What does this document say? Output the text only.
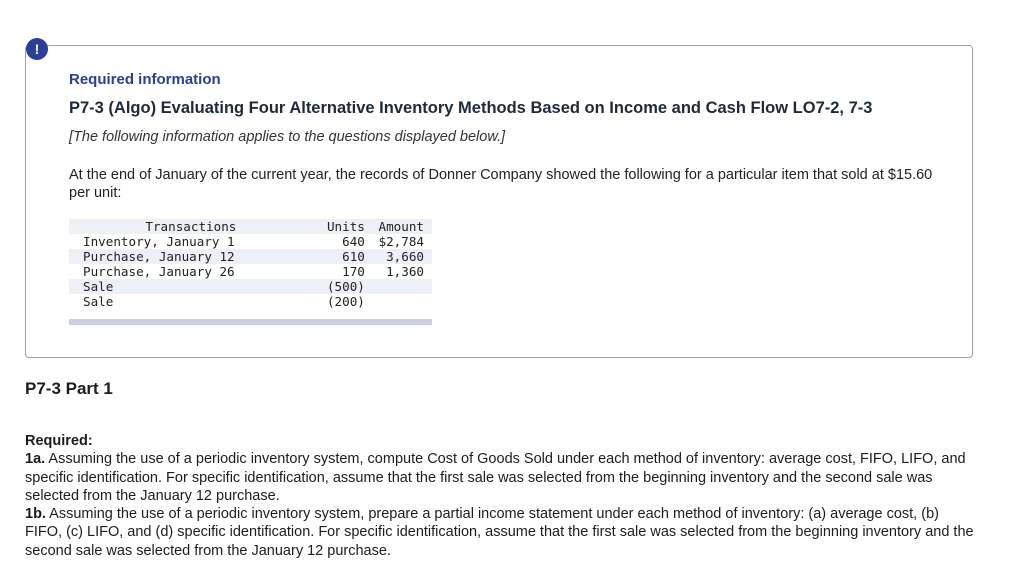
!
Required information
P7-3 (Algo) Evaluating Four Alternative Inventory Methods Based on Income and Cash Flow LO7-2, 7-3
[The following information applies to the questions displayed below.]
At the end of January of the current year, the records of Donner Company showed the following for a particular item that sold at $15.60 per unit:
Transactions	Units	Amount
Inventory, January 1	640	$2,784
Purchase, January 12	610	3,660
Purchase, January 26	170	1,360
Sale	(500)	
Sale	(200)	
P7-3 Part 1

Required:

1a. Assuming the use of a periodic inventory system, compute Cost of Goods Sold under each method of inventory: average cost, FIFO, LIFO, and specific identification. For specific identification, assume that the first sale was selected from the beginning inventory and the second sale was selected from the January 12 purchase.

1b. Assuming the use of a periodic inventory system, prepare a partial income statement under each method of inventory: (a) average cost, (b) FIFO, (c) LIFO, and (d) specific identification. For specific identification, assume that the first sale was selected from the beginning inventory and the second sale was selected from the January 12 purchase.
